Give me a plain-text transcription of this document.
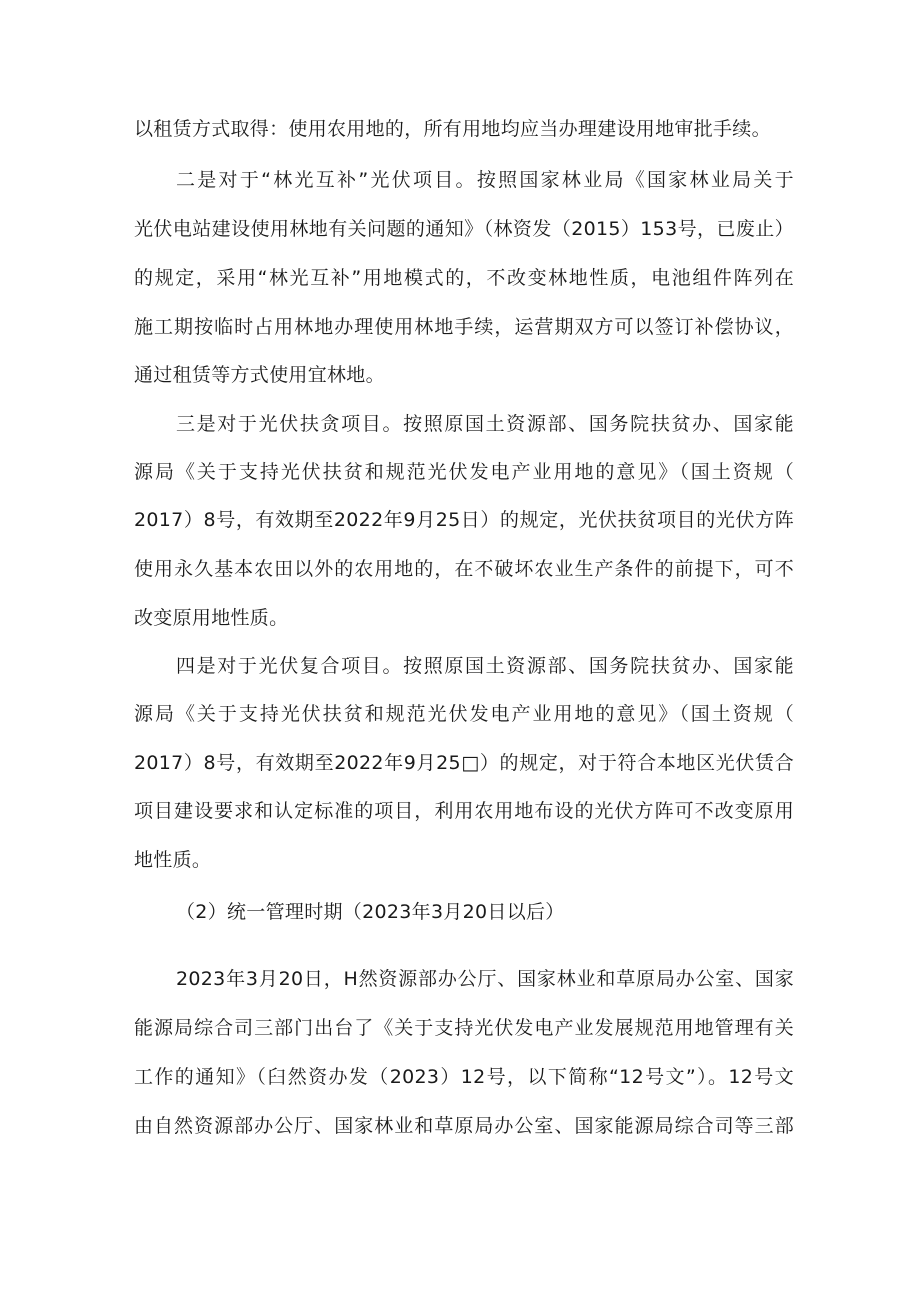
以租赁方式取得：使用农用地的，所有用地均应当办理建设用地审批手续。
二是对于“林光互补”光伏项目。按照国家林业局《国家林业局关于
光伏电站建设使用林地有关问题的通知》（林资发（2015）153号，已废止）
的规定，采用“林光互补”用地模式的，不改变林地性质，电池组件阵列在
施工期按临时占用林地办理使用林地手续，运营期双方可以签订补偿协议，
通过租赁等方式使用宜林地。
三是对于光伏扶贪项目。按照原国土资源部、国务院扶贫办、国家能
源局《关于支持光伏扶贫和规范光伏发电产业用地的意见》（国土资规（
2017）8号，有效期至2022年9月25日）的规定，光伏扶贫项目的光伏方阵
使用永久基本农田以外的农用地的，在不破坏农业生产条件的前提下，可不
改变原用地性质。
四是对于光伏复合项目。按照原国土资源部、国务院扶贫办、国家能
源局《关于支持光伏扶贫和规范光伏发电产业用地的意见》（国土资规（
2017）8号，有效期至2022年9月25□）的规定，对于符合本地区光伏赁合
项目建设要求和认定标准的项目，利用农用地布设的光伏方阵可不改变原用
地性质。
（2）统一管理时期（2023年3月20日以后）
2023年3月20日，H然资源部办公厅、国家林业和草原局办公室、国家
能源局综合司三部门出台了《关于支持光伏发电产业发展规范用地管理有关
工作的通知》（臼然资办发（2023）12号，以下简称“12号文”）。12号文
由自然资源部办公厅、国家林业和草原局办公室、国家能源局综合司等三部
